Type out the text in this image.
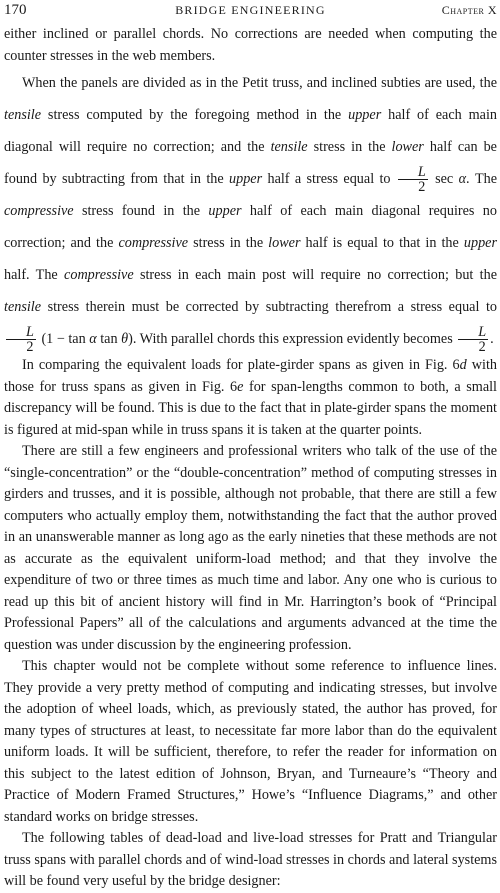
170	BRIDGE ENGINEERING	Chapter X

either inclined or parallel chords. No corrections are needed when computing the counter stresses in the web members.

When the panels are divided as in the Petit truss, and inclined subties are used, the tensile stress computed by the foregoing method in the upper half of each main diagonal will require no correction; and the tensile stress in the lower half can be found by subtracting from that in the upper half a stress equal to $\frac{L}{2}$ sec α. The compressive stress found in the upper half of each main diagonal requires no correction; and the compressive stress in the lower half is equal to that in the upper half. The compressive stress in each main post will require no correction; but the tensile stress therein must be corrected by subtracting therefrom a stress equal to
$\frac{L}{2} (1 - \tan \alpha$ tan θ). With parallel chords this expression evidently becomes $\frac{L}{2}$ .

In comparing the equivalent loads for plate-girder spans as given in Fig. 6d with those for truss spans as given in Fig. 6e for span-lengths common to both, a small discrepancy will be found. This is due to the fact that in plate-girder spans the moment is figured at mid-span while in truss spans it is taken at the quarter points.

There are still a few engineers and professional writers who talk of the use of the “single-concentration” or the “double-concentration” method of computing stresses in girders and trusses, and it is possible, although not probable, that there are still a few computers who actually employ them, notwithstanding the fact that the author proved in an unanswerable manner as long ago as the early nineties that these methods are not as accurate as the equivalent uniform-load method; and that they involve the expenditure of two or three times as much time and labor. Any one who is curious to read up this bit of ancient history will find in Mr. Harrington’s book of “Principal Professional Papers” all of the calculations and arguments advanced at the time the question was under discussion by the engineering profession.

This chapter would not be complete without some reference to influence lines. They provide a very pretty method of computing and indicating stresses, but involve the adoption of wheel loads, which, as previously stated, the author has proved, for many types of structures at least, to necessitate far more labor than do the equivalent uniform loads. It will be sufficient, therefore, to refer the reader for information on this subject to the latest edition of Johnson, Bryan, and Turneaure’s “Theory and Practice of Modern Framed Structures,” Howe’s “Influence Diagrams,” and other standard works on bridge stresses.

The following tables of dead-load and live-load stresses for Pratt and Triangular truss spans with parallel chords and of wind-load stresses in chords and lateral systems will be found very useful by the bridge designer:
